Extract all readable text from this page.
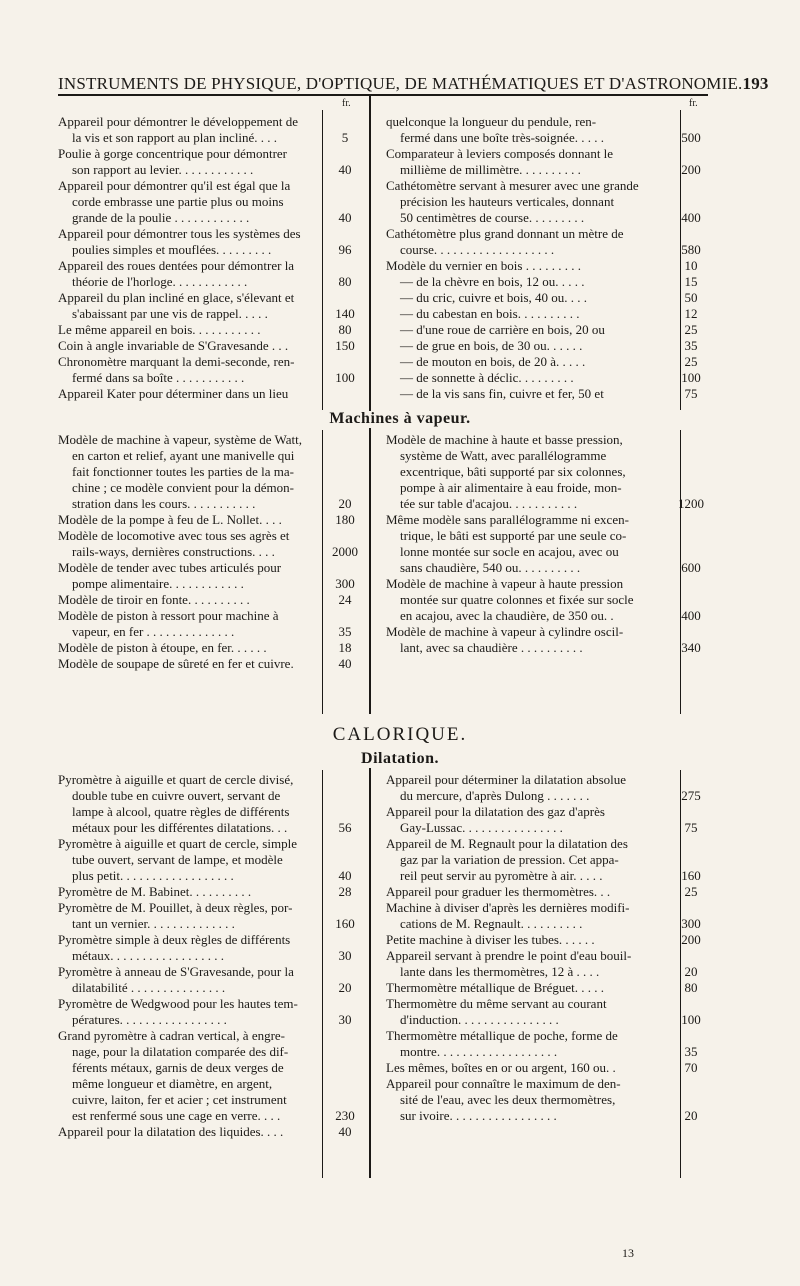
INSTRUMENTS DE PHYSIQUE, D'OPTIQUE, DE MATHÉMATIQUES ET D'ASTRONOMIE. 193
fr.	fr.
Appareil pour démontrer le développement de
la vis et son rapport au plan incliné. . . .	5
Poulie à gorge concentrique pour démontrer
son rapport au levier. . . . . . . . . . . .	40
Appareil pour démontrer qu'il est égal que la
corde embrasse une partie plus ou moins
grande de la poulie . . . . . . . . . . . .	40
Appareil pour démontrer tous les systèmes des
poulies simples et mouflées. . . . . . . . .	96
Appareil des roues dentées pour démontrer la
théorie de l'horloge. . . . . . . . . . . .	80
Appareil du plan incliné en glace, s'élevant et
s'abaissant par une vis de rappel. . . . .	140
Le même appareil en bois. . . . . . . . . . .	80
Coin à angle invariable de S'Gravesande . . .	150
Chronomètre marquant la demi-seconde, ren-
fermé dans sa boîte . . . . . . . . . . .	100
Appareil Kater pour déterminer dans un lieu
quelconque la longueur du pendule, ren-
fermé dans une boîte très-soignée. . . . .	500
Comparateur à leviers composés donnant le
millième de millimètre. . . . . . . . . .	200
Cathétomètre servant à mesurer avec une grande
précision les hauteurs verticales, donnant
50 centimètres de course. . . . . . . . .	400
Cathétomètre plus grand donnant un mètre de
course. . . . . . . . . . . . . . . . . . .	580
Modèle du vernier en bois . . . . . . . . .	10
— de la chèvre en bois, 12 ou. . . . .	15
— du cric, cuivre et bois, 40 ou. . . .	50
— du cabestan en bois. . . . . . . . . .	12
— d'une roue de carrière en bois, 20 ou	25
— de grue en bois, de 30 ou. . . . . .	35
— de mouton en bois, de 20 à. . . . .	25
— de sonnette à déclic. . . . . . . . .	100
— de la vis sans fin, cuivre et fer, 50 et	75
Machines à vapeur.
Modèle de machine à vapeur, système de Watt,
en carton et relief, ayant une manivelle qui
fait fonctionner toutes les parties de la ma-
chine ; ce modèle convient pour la démon-
stration dans les cours. . . . . . . . . . .	20
Modèle de la pompe à feu de L. Nollet. . . .	180
Modèle de locomotive avec tous ses agrès et
rails-ways, dernières constructions. . . .	2000
Modèle de tender avec tubes articulés pour
pompe alimentaire. . . . . . . . . . . .	300
Modèle de tiroir en fonte. . . . . . . . . .	24
Modèle de piston à ressort pour machine à
vapeur, en fer . . . . . . . . . . . . . .	35
Modèle de piston à étoupe, en fer. . . . . .	18
Modèle de soupape de sûreté en fer et cuivre.	40
Modèle de machine à haute et basse pression,
système de Watt, avec parallélogramme
excentrique, bâti supporté par six colonnes,
pompe à air alimentaire à eau froide, mon-
tée sur table d'acajou. . . . . . . . . . .	1200
Même modèle sans parallélogramme ni excen-
trique, le bâti est supporté par une seule co-
lonne montée sur socle en acajou, avec ou
sans chaudière, 540 ou. . . . . . . . . .	600
Modèle de machine à vapeur à haute pression
montée sur quatre colonnes et fixée sur socle
en acajou, avec la chaudière, de 350 ou. .	400
Modèle de machine à vapeur à cylindre oscil-
lant, avec sa chaudière . . . . . . . . . .	340
CALORIQUE.
Dilatation.
Pyromètre à aiguille et quart de cercle divisé,
double tube en cuivre ouvert, servant de
lampe à alcool, quatre règles de différents
métaux pour les différentes dilatations. . .	56
Pyromètre à aiguille et quart de cercle, simple
tube ouvert, servant de lampe, et modèle
plus petit. . . . . . . . . . . . . . . . . .	40
Pyromètre de M. Babinet. . . . . . . . . .	28
Pyromètre de M. Pouillet, à deux règles, por-
tant un vernier. . . . . . . . . . . . . .	160
Pyromètre simple à deux règles de différents
métaux. . . . . . . . . . . . . . . . . .	30
Pyromètre à anneau de S'Gravesande, pour la
dilatabilité . . . . . . . . . . . . . . .	20
Pyromètre de Wedgwood pour les hautes tem-
pératures. . . . . . . . . . . . . . . . .	30
Grand pyromètre à cadran vertical, à engre-
nage, pour la dilatation comparée des dif-
férents métaux, garnis de deux verges de
même longueur et diamètre, en argent,
cuivre, laiton, fer et acier ; cet instrument
est renfermé sous une cage en verre. . . .	230
Appareil pour la dilatation des liquides. . . .	40
Appareil pour déterminer la dilatation absolue
du mercure, d'après Dulong . . . . . . .	275
Appareil pour la dilatation des gaz d'après
Gay-Lussac. . . . . . . . . . . . . . . .	75
Appareil de M. Regnault pour la dilatation des
gaz par la variation de pression. Cet appa-
reil peut servir au pyromètre à air. . . . .	160
Appareil pour graduer les thermomètres. . .	25
Machine à diviser d'après les dernières modifi-
cations de M. Regnault. . . . . . . . . .	300
Petite machine à diviser les tubes. . . . . .	200
Appareil servant à prendre le point d'eau bouil-
lante dans les thermomètres, 12 à . . . .	20
Thermomètre métallique de Bréguet. . . . .	80
Thermomètre du même servant au courant
d'induction. . . . . . . . . . . . . . . .	100
Thermomètre métallique de poche, forme de
montre. . . . . . . . . . . . . . . . . . .	35
Les mêmes, boîtes en or ou argent, 160 ou. .	70
Appareil pour connaître le maximum de den-
sité de l'eau, avec les deux thermomètres,
sur ivoire. . . . . . . . . . . . . . . . .	20
13
